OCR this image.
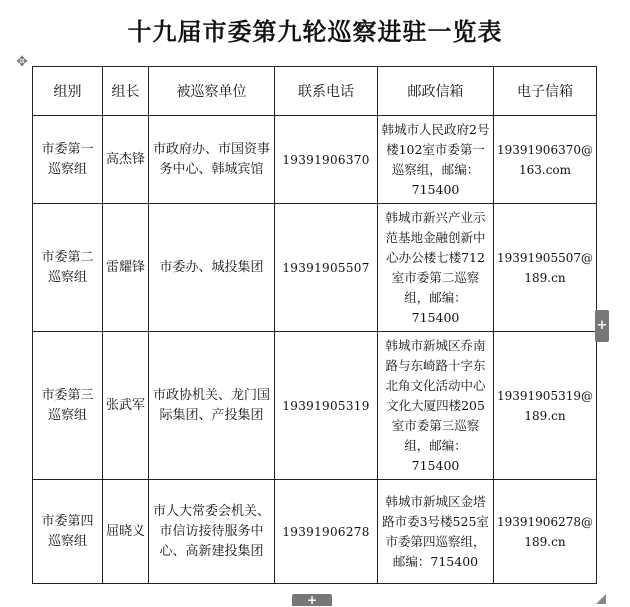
十九届市委第九轮巡察进驻一览表
✥
组别	组长	被巡察单位	联系电话	邮政信箱	电子信箱
市委第一巡察组	高杰锋	市政府办、市国资事务中心、韩城宾馆	19391906370	韩城市人民政府2号楼102室市委第一巡察组，邮编：715400	19391906370@163.com
市委第二巡察组	雷耀锋	市委办、城投集团	19391905507	韩城市新兴产业示范基地金融创新中心办公楼七楼712室市委第二巡察组，邮编：715400	19391905507@189.cn
市委第三巡察组	张武军	市政协机关、龙门国际集团、产投集团	19391905319	韩城市新城区乔南路与东崎路十字东北角文化活动中心文化大厦四楼205室市委第三巡察组，邮编：715400	19391905319@189.cn
市委第四巡察组	屈晓义	市人大常委会机关、市信访接待服务中心、高新建投集团	19391906278	韩城市新城区金塔路市委3号楼525室市委第四巡察组，邮编：715400	19391906278@189.cn
+
+
